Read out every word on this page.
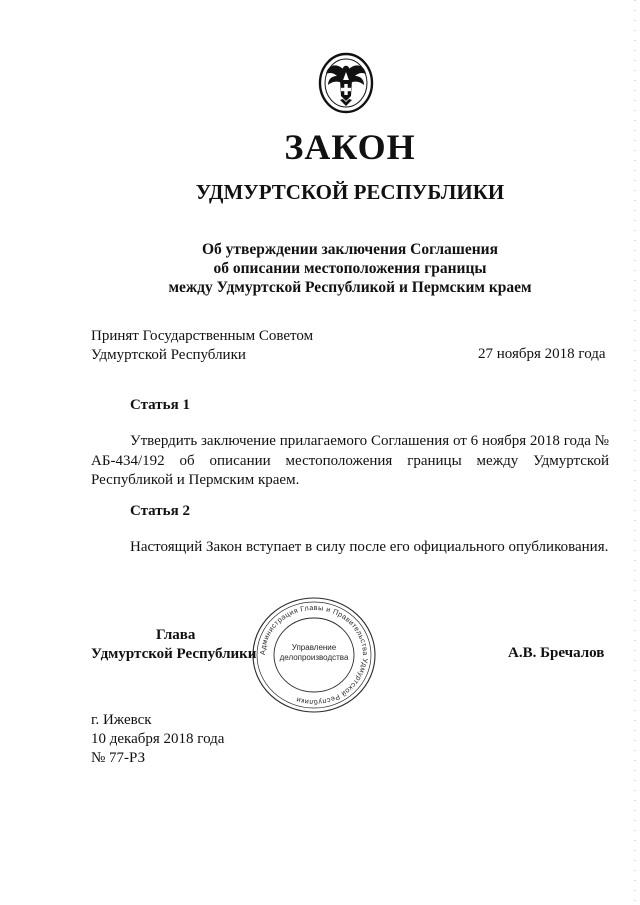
ЗАКОН
УДМУРТСКОЙ РЕСПУБЛИКИ
Об утверждении заключения Соглашения
об описании местоположения границы
между Удмуртской Республикой и Пермским краем
Принят Государственным Советом
Удмуртской Республики	27 ноября 2018 года
Статья 1
Утвердить заключение прилагаемого Соглашения от 6 ноября 2018 года № АБ-434/192 об описании местоположения границы между Удмуртской Республикой и Пермским краем.
Статья 2
Настоящий Закон вступает в силу после его официального опубликования.
Администрация Главы и Правительства Удмуртской Республики
Управление
делопроизводства
Глава
Удмуртской Республики	А.В. Бречалов
г. Ижевск
10 декабря 2018 года
№ 77-РЗ
